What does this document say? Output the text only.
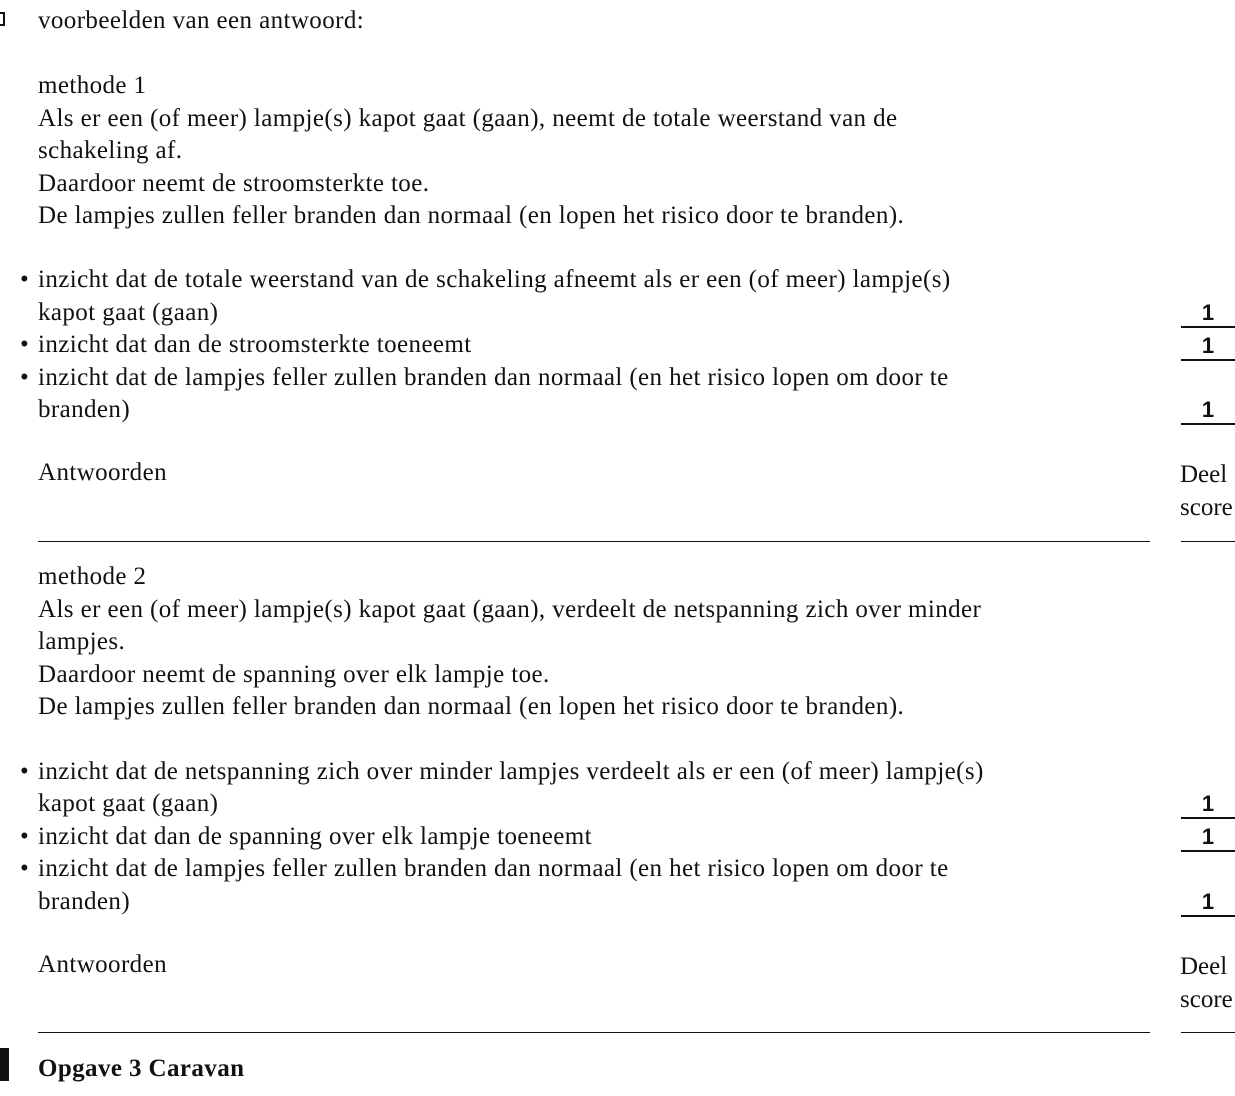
voorbeelden van een antwoord:
methode 1
Als er een (of meer) lampje(s) kapot gaat (gaan), neemt de totale weerstand van de
schakeling af.
Daardoor neemt de stroomsterkte toe.
De lampjes zullen feller branden dan normaal (en lopen het risico door te branden).
• inzicht dat de totale weerstand van de schakeling afneemt als er een (of meer) lampje(s)
kapot gaat (gaan)	1
• inzicht dat dan de stroomsterkte toeneemt	1
• inzicht dat de lampjes feller zullen branden dan normaal (en het risico lopen om door te
branden)	1
Antwoorden	Deel
score
methode 2
Als er een (of meer) lampje(s) kapot gaat (gaan), verdeelt de netspanning zich over minder
lampjes.
Daardoor neemt de spanning over elk lampje toe.
De lampjes zullen feller branden dan normaal (en lopen het risico door te branden).
• inzicht dat de netspanning zich over minder lampjes verdeelt als er een (of meer) lampje(s)
kapot gaat (gaan)	1
• inzicht dat dan de spanning over elk lampje toeneemt	1
• inzicht dat de lampjes feller zullen branden dan normaal (en het risico lopen om door te
branden)	1
Antwoorden	Deel
score
Opgave 3 Caravan
